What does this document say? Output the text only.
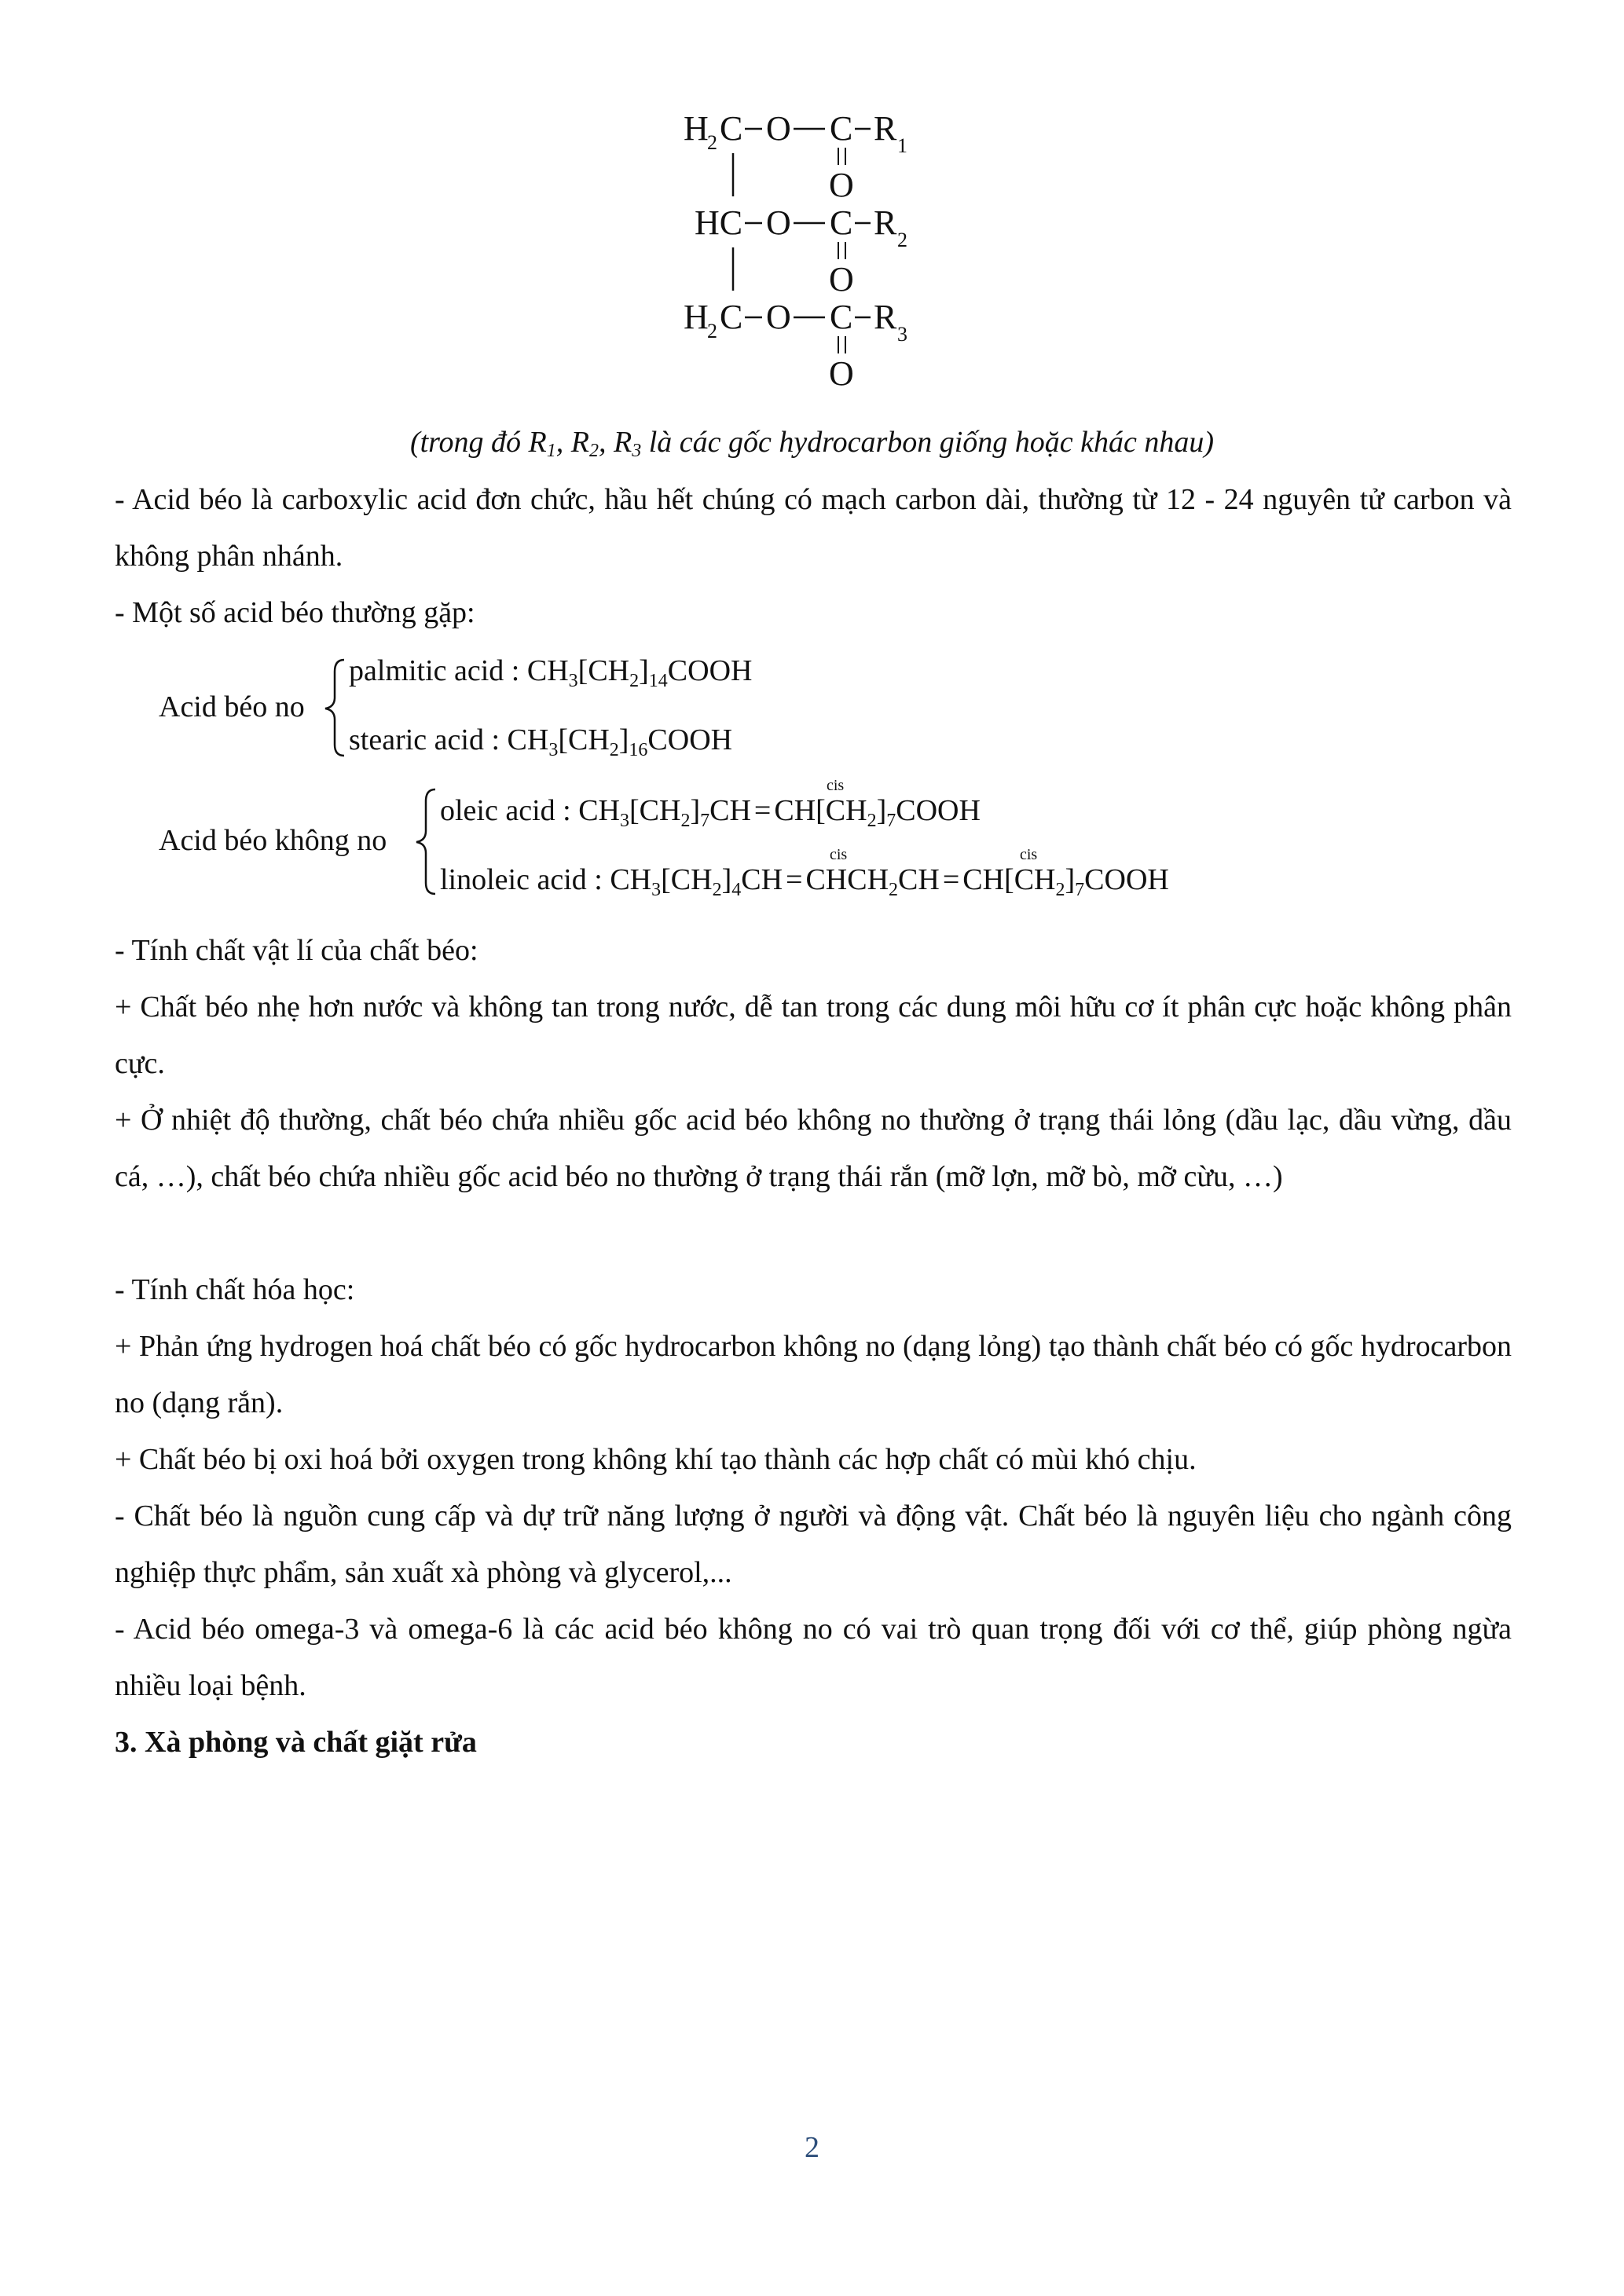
H
2 C O C R 1
O
HC O C R 2
O
H
2 C O C R 3
O
(trong đó $R_1$, $R_2$, $R_3$ là các gốc hydrocarbon giống hoặc khác nhau)
- Acid béo là carboxylic acid đơn chức, hầu hết chúng có mạch carbon dài, thường từ 12 - 24 nguyên tử carbon và không phân nhánh.
- Một số acid béo thường gặp:
Acid béo no
palmitic acid : $CH_3[CH_2]_{14}COOH$
stearic acid : $CH_3[CH_2]_{16}COOH$
Acid béo không no
oleic acid : $CH_3[CH_2]_7CH$ = $CH[CH_2]_7COOH$
cis
linoleic acid : $CH_3[CH_2]_4CH$ = $CHCH_2CH$ = $CH[CH_2]_7COOH$
cis	cis
- Tính chất vật lí của chất béo:
+ Chất béo nhẹ hơn nước và không tan trong nước, dễ tan trong các dung môi hữu cơ ít phân cực hoặc không phân cực.
+ Ở nhiệt độ thường, chất béo chứa nhiều gốc acid béo không no thường ở trạng thái lỏng (dầu lạc, dầu vừng, dầu cá, …), chất béo chứa nhiều gốc acid béo no thường ở trạng thái rắn (mỡ lợn, mỡ bò, mỡ cừu, …)
- Tính chất hóa học:
+ Phản ứng hydrogen hoá chất béo có gốc hydrocarbon không no (dạng lỏng) tạo thành chất béo có gốc hydrocarbon no (dạng rắn).
+ Chất béo bị oxi hoá bởi oxygen trong không khí tạo thành các hợp chất có mùi khó chịu.
- Chất béo là nguồn cung cấp và dự trữ năng lượng ở người và động vật. Chất béo là nguyên liệu cho ngành công nghiệp thực phẩm, sản xuất xà phòng và glycerol,...
- Acid béo omega-3 và omega-6 là các acid béo không no có vai trò quan trọng đối với cơ thể, giúp phòng ngừa nhiều loại bệnh.
3. Xà phòng và chất giặt rửa
2
